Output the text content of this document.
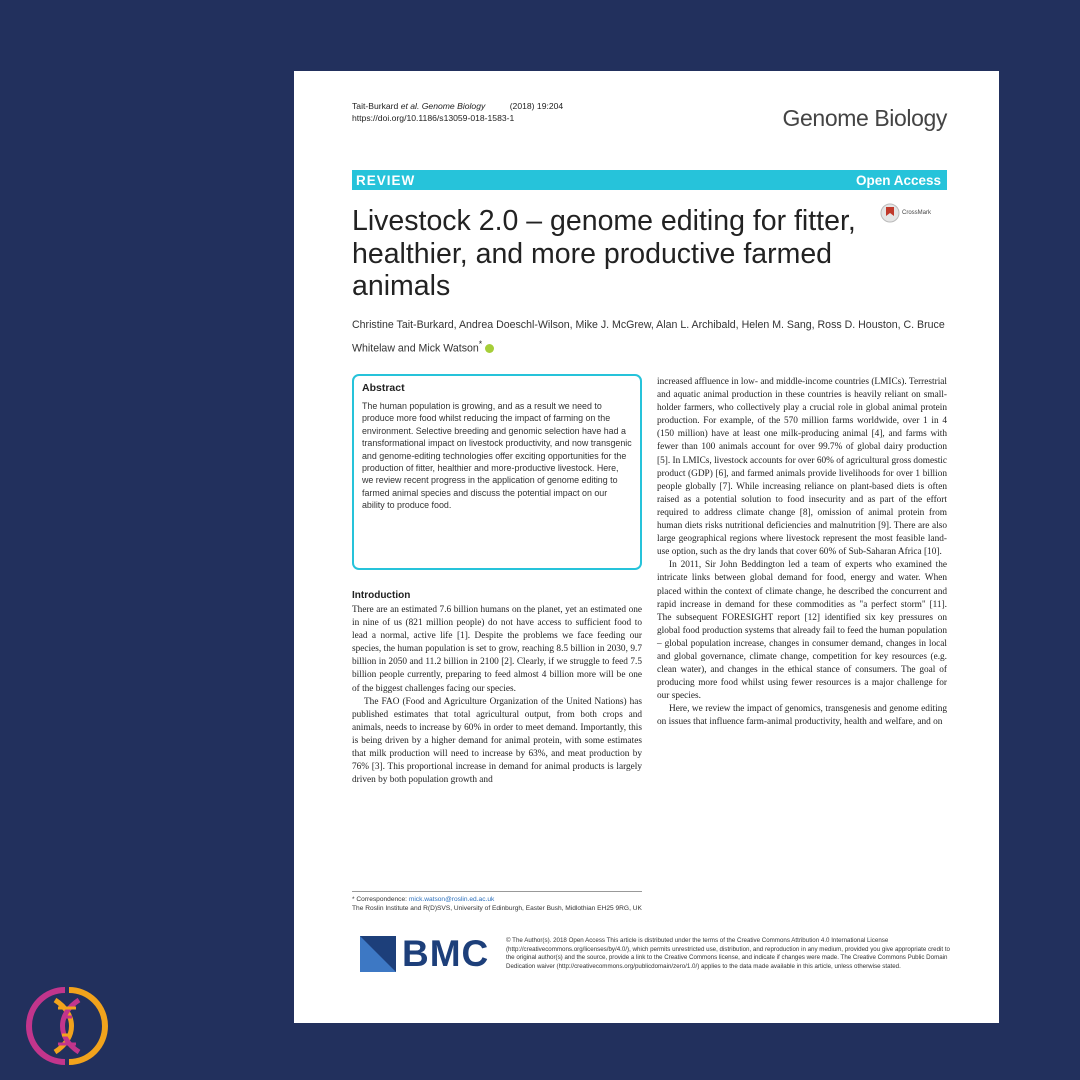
Tait-Burkard et al. Genome Biology	(2018) 19:204
https://doi.org/10.1186/s13059-018-1583-1	Genome Biology
REVIEW	Open Access
Livestock 2.0 – genome editing for fitter, healthier, and more productive farmed animals
CrossMark
Christine Tait-Burkard, Andrea Doeschl-Wilson, Mike J. McGrew, Alan L. Archibald, Helen M. Sang, Ross D. Houston, C. Bruce Whitelaw and Mick Watson*
Abstract

The human population is growing, and as a result we need to produce more food whilst reducing the impact of farming on the environment. Selective breeding and genomic selection have had a transformational impact on livestock productivity, and now transgenic and genome-editing technologies offer exciting opportunities for the production of fitter, healthier and more-productive livestock. Here, we review recent progress in the application of genome editing to farmed animal species and discuss the potential impact on our ability to produce food.

Introduction

There are an estimated 7.6 billion humans on the planet, yet an estimated one in nine of us (821 million people) do not have access to sufficient food to lead a normal, active life [1]. Despite the problems we face feeding our species, the human population is set to grow, reaching 8.5 billion in 2030, 9.7 billion in 2050 and 11.2 billion in 2100 [2]. Clearly, if we struggle to feed 7.5 billion people currently, preparing to feed almost 4 billion more will be one of the biggest challenges facing our species.

The FAO (Food and Agriculture Organization of the United Nations) has published estimates that total agricultural output, from both crops and animals, needs to increase by 60% in order to meet demand. Importantly, this is being driven by a higher demand for animal protein, with some estimates that milk production will need to increase by 63%, and meat production by 76% [3]. This proportional increase in demand for animal products is largely driven by both population growth and

increased affluence in low- and middle-income countries (LMICs). Terrestrial and aquatic animal production in these countries is heavily reliant on small-holder farmers, who collectively play a crucial role in global animal protein production. For example, of the 570 million farms worldwide, over 1 in 4 (150 million) have at least one milk-producing animal [4], and farms with fewer than 100 animals account for over 99.7% of global dairy production [5]. In LMICs, livestock accounts for over 60% of agricultural gross domestic product (GDP) [6], and farmed animals provide livelihoods for over 1 billion people globally [7]. While increasing reliance on plant-based diets is often raised as a potential solution to food insecurity and as part of the effort required to address climate change [8], omission of animal protein from human diets risks nutritional deficiencies and malnutrition [9]. There are also large geographical regions where livestock represent the most feasible land-use option, such as the dry lands that cover 60% of Sub-Saharan Africa [10].

In 2011, Sir John Beddington led a team of experts who examined the intricate links between global demand for food, energy and water. When placed within the context of climate change, he described the concurrent and rapid increase in demand for these commodities as "a perfect storm" [11]. The subsequent FORESIGHT report [12] identified six key pressures on global food production systems that already fail to feed the human population – global population increase, changes in consumer demand, changes in local and global governance, climate change, competition for key resources (e.g. clean water), and changes in the ethical stance of consumers. The goal of producing more food whilst using fewer resources is a major challenge for our species.

Here, we review the impact of genomics, transgenesis and genome editing on issues that influence farm-animal productivity, health and welfare, and on

* Correspondence: mick.watson@roslin.ed.ac.uk
The Roslin Institute and R(D)SVS, University of Edinburgh, Easter Bush, Midlothian EH25 9RG, UK
BMC	© The Author(s). 2018 Open Access This article is distributed under the terms of the Creative Commons Attribution 4.0 International License (http://creativecommons.org/licenses/by/4.0/), which permits unrestricted use, distribution, and reproduction in any medium, provided you give appropriate credit to the original author(s) and the source, provide a link to the Creative Commons license, and indicate if changes were made. The Creative Commons Public Domain Dedication waiver (http://creativecommons.org/publicdomain/zero/1.0/) applies to the data made available in this article, unless otherwise stated.
